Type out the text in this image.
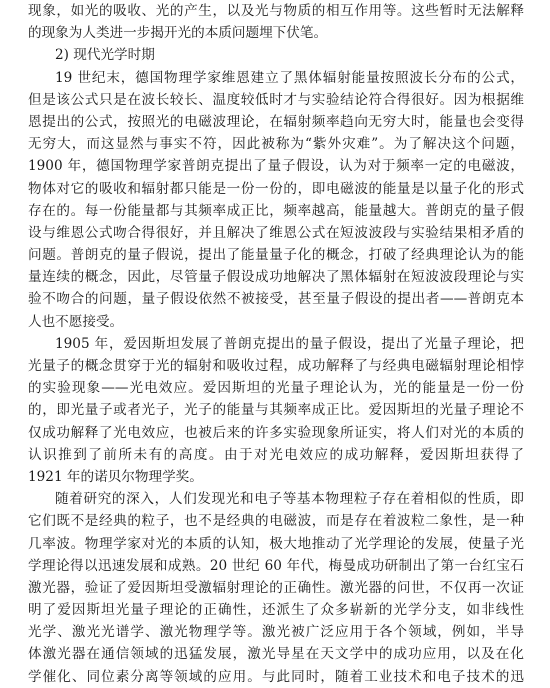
现象，如光的吸收、光的产生，以及光与物质的相互作用等。这些暂时无法解释
的现象为人类进一步揭开光的本质问题埋下伏笔。
2) 现代光学时期
19 世纪末，德国物理学家维恩建立了黑体辐射能量按照波长分布的公式，
但是该公式只是在波长较长、温度较低时才与实验结论符合得很好。因为根据维
恩提出的公式，按照光的电磁波理论，在辐射频率趋向无穷大时，能量也会变得
无穷大，而这显然与事实不符，因此被称为“紫外灾难”。为了解决这个问题，
1900 年，德国物理学家普朗克提出了量子假设，认为对于频率一定的电磁波，
物体对它的吸收和辐射都只能是一份一份的，即电磁波的能量是以量子化的形式
存在的。每一份能量都与其频率成正比，频率越高，能量越大。普朗克的量子假
设与维恩公式吻合得很好，并且解决了维恩公式在短波波段与实验结果相矛盾的
问题。普朗克的量子假说，提出了能量量子化的概念，打破了经典理论认为的能
量连续的概念，因此，尽管量子假设成功地解决了黑体辐射在短波波段理论与实
验不吻合的问题，量子假设依然不被接受，甚至量子假设的提出者——普朗克本
人也不愿接受。
1905 年，爱因斯坦发展了普朗克提出的量子假设，提出了光量子理论，把
光量子的概念贯穿于光的辐射和吸收过程，成功解释了与经典电磁辐射理论相悖
的实验现象——光电效应。爱因斯坦的光量子理论认为，光的能量是一份一份
的，即光量子或者光子，光子的能量与其频率成正比。爱因斯坦的光量子理论不
仅成功解释了光电效应，也被后来的许多实验现象所证实，将人们对光的本质的
认识推到了前所未有的高度。由于对光电效应的成功解释，爱因斯坦获得了
1921 年的诺贝尔物理学奖。
随着研究的深入，人们发现光和电子等基本物理粒子存在着相似的性质，即
它们既不是经典的粒子，也不是经典的电磁波，而是存在着波粒二象性，是一种
几率波。物理学家对光的本质的认知，极大地推动了光学理论的发展，使量子光
学理论得以迅速发展和成熟。20 世纪 60 年代，梅曼成功研制出了第一台红宝石
激光器，验证了爱因斯坦受激辐射理论的正确性。激光器的问世，不仅再一次证
明了爱因斯坦光量子理论的正确性，还派生了众多崭新的光学分支，如非线性
光学、激光光谱学、激光物理学等。激光被广泛应用于各个领域，例如，半导
体激光器在通信领域的迅猛发展，激光导星在天文学中的成功应用，以及在化
学催化、同位素分离等领域的应用。与此同时，随着工业技术和电子技术的迅
